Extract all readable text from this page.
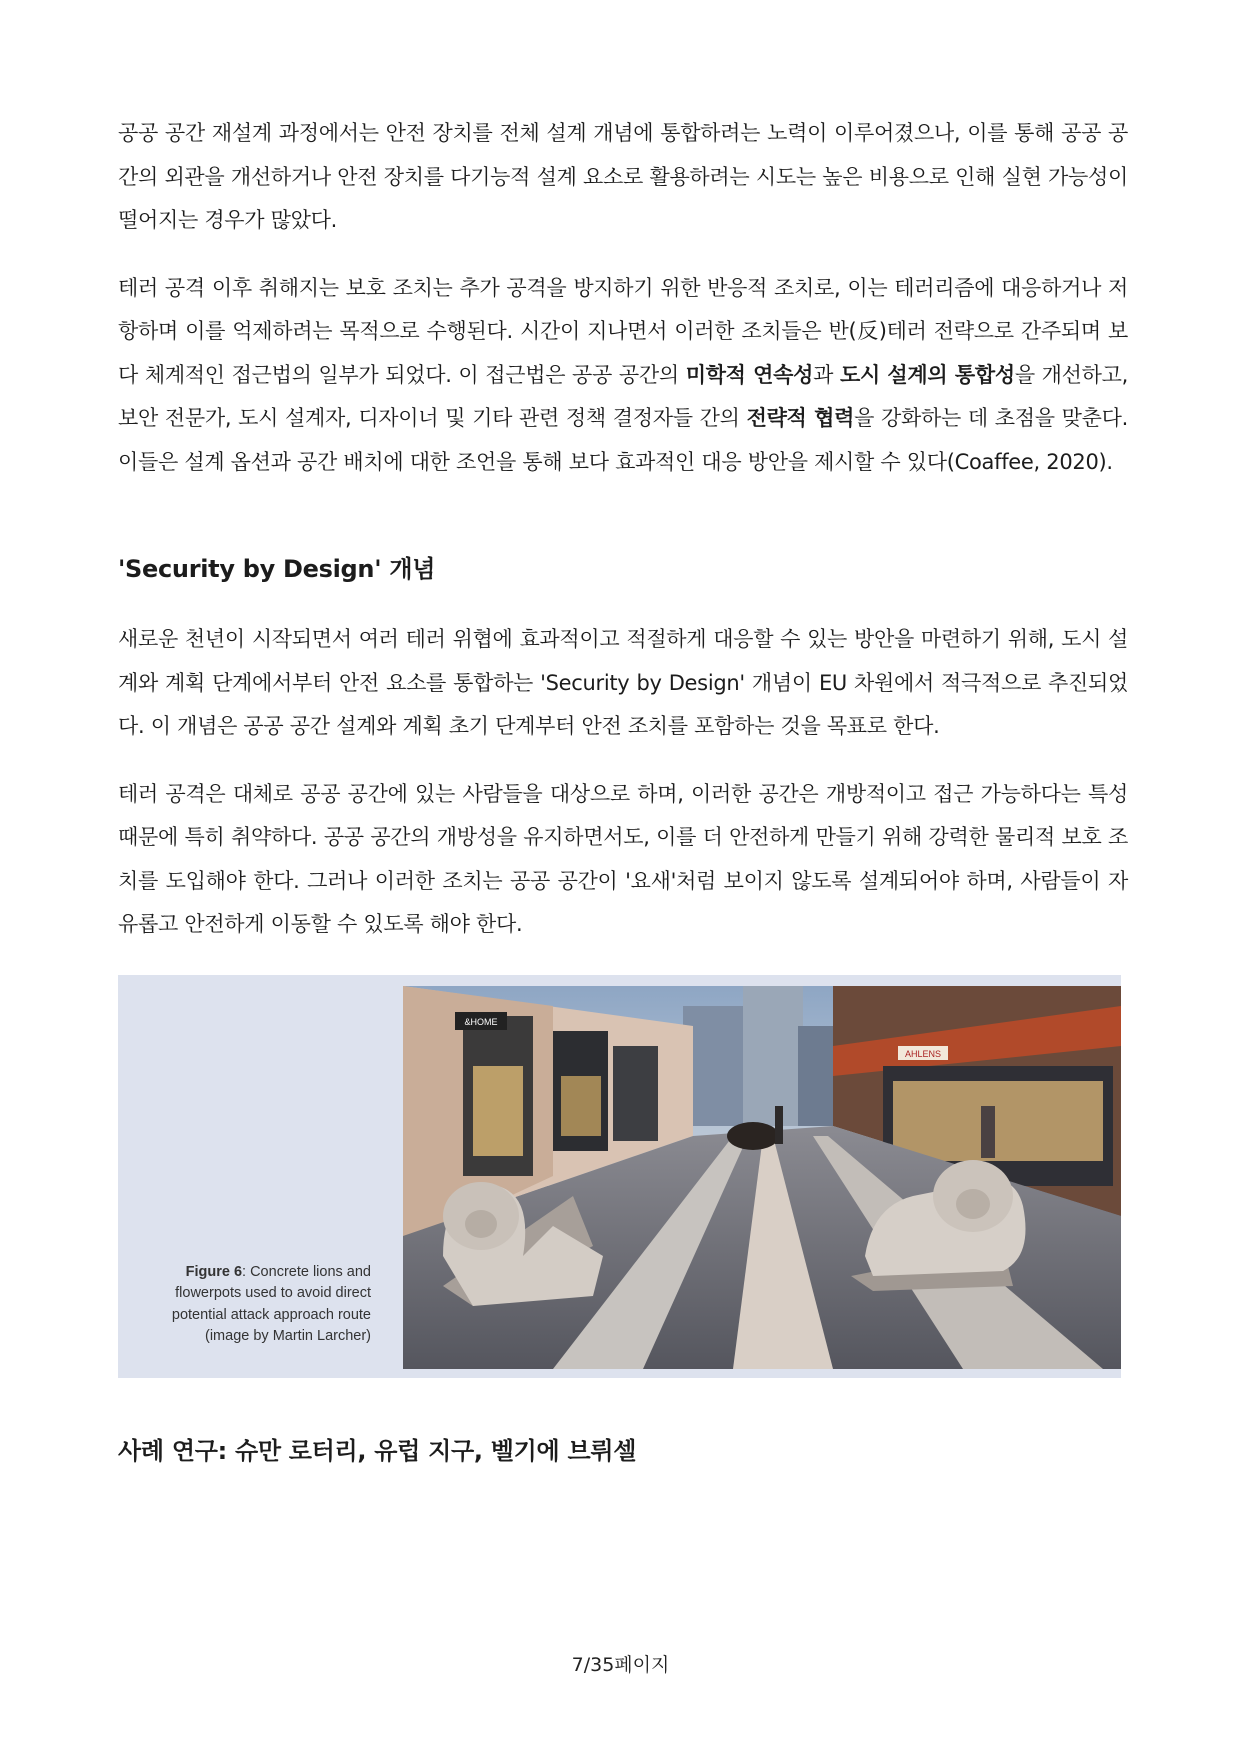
공공 공간 재설계 과정에서는 안전 장치를 전체 설계 개념에 통합하려는 노력이 이루어졌으나, 이를 통해 공공 공간의 외관을 개선하거나 안전 장치를 다기능적 설계 요소로 활용하려는 시도는 높은 비용으로 인해 실현 가능성이 떨어지는 경우가 많았다.

테러 공격 이후 취해지는 보호 조치는 추가 공격을 방지하기 위한 반응적 조치로, 이는 테러리즘에 대응하거나 저항하며 이를 억제하려는 목적으로 수행된다. 시간이 지나면서 이러한 조치들은 반(反)테러 전략으로 간주되며 보다 체계적인 접근법의 일부가 되었다. 이 접근법은 공공 공간의 미학적 연속성과 도시 설계의 통합성을 개선하고, 보안 전문가, 도시 설계자, 디자이너 및 기타 관련 정책 결정자들 간의 전략적 협력을 강화하는 데 초점을 맞춘다. 이들은 설계 옵션과 공간 배치에 대한 조언을 통해 보다 효과적인 대응 방안을 제시할 수 있다(Coaffee, 2020).

'Security by Design' 개념

새로운 천년이 시작되면서 여러 테러 위협에 효과적이고 적절하게 대응할 수 있는 방안을 마련하기 위해, 도시 설계와 계획 단계에서부터 안전 요소를 통합하는 'Security by Design' 개념이 EU 차원에서 적극적으로 추진되었다. 이 개념은 공공 공간 설계와 계획 초기 단계부터 안전 조치를 포함하는 것을 목표로 한다.

테러 공격은 대체로 공공 공간에 있는 사람들을 대상으로 하며, 이러한 공간은 개방적이고 접근 가능하다는 특성 때문에 특히 취약하다. 공공 공간의 개방성을 유지하면서도, 이를 더 안전하게 만들기 위해 강력한 물리적 보호 조치를 도입해야 한다. 그러나 이러한 조치는 공공 공간이 '요새'처럼 보이지 않도록 설계되어야 하며, 사람들이 자유롭고 안전하게 이동할 수 있도록 해야 한다.

Figure 6: Concrete lions and flowerpots used to avoid direct potential attack approach route (image by Martin Larcher)
&HOME
AHLENS
사례 연구: 슈만 로터리, 유럽 지구, 벨기에 브뤼셀
7/35페이지
